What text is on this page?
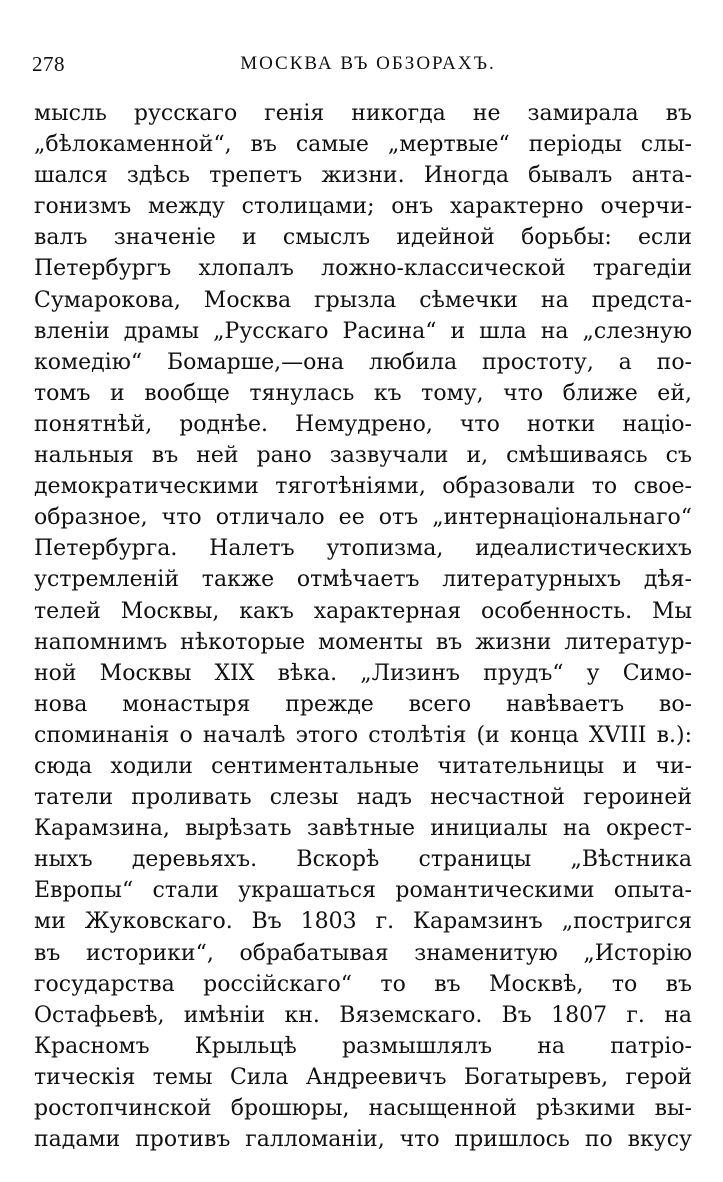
278	МОСКВА ВЪ ОБЗОРАХЪ.
мысль русскаго генія никогда не замирала въ
„бѣлокаменной“, въ самые „мертвые“ періоды слы-
шался здѣсь трепетъ жизни. Иногда бывалъ анта-
гонизмъ между столицами; онъ характерно очерчи-
валъ значеніе и смыслъ идейной борьбы: если
Петербургъ хлопалъ ложно-классической трагедіи
Сумарокова, Москва грызла сѣмечки на предста-
вленіи драмы „Русскаго Расина“ и шла на „слезную
комедію“ Бомарше,—она любила простоту, а по-
томъ и вообще тянулась къ тому, что ближе ей,
понятнѣй, роднѣе. Немудрено, что нотки націо-
нальныя въ ней рано зазвучали и, смѣшиваясь съ
демократическими тяготѣніями, образовали то свое-
образное, что отличало ее отъ „интернаціональнаго“
Петербурга. Налетъ утопизма, идеалистическихъ
устремленій также отмѣчаетъ литературныхъ дѣя-
телей Москвы, какъ характерная особенность. Мы
напомнимъ нѣкоторые моменты въ жизни литератур-
ной Москвы XIX вѣка. „Лизинъ прудъ“ у Симо-
нова монастыря прежде всего навѣваетъ во-
споминанія о началѣ этого столѣтія (и конца XVIII в.):
сюда ходили сентиментальные читательницы и чи-
татели проливать слезы надъ несчастной героиней
Карамзина, вырѣзать завѣтные инициалы на окрест-
ныхъ деревьяхъ. Вскорѣ страницы „Вѣстника
Европы“ стали украшаться романтическими опыта-
ми Жуковскаго. Въ 1803 г. Карамзинъ „постригся
въ историки“, обрабатывая знаменитую „Исторію
государства россійскаго“ то въ Москвѣ, то въ
Остафьевѣ, имѣніи кн. Вяземскаго. Въ 1807 г. на
Красномъ Крыльцѣ размышлялъ на патріо-
тическія темы Сила Андреевичъ Богатыревъ, герой
ростопчинской брошюры, насыщенной рѣзкими вы-
падами противъ галломаніи, что пришлось по вкусу
